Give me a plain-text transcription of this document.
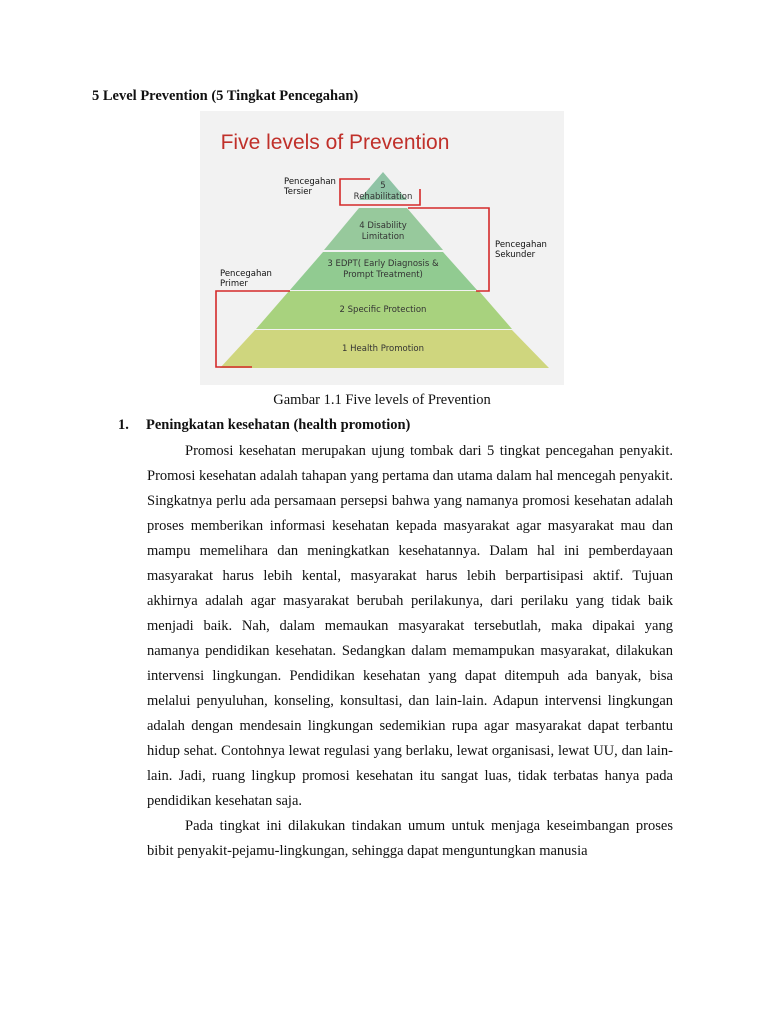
5 Level Prevention (5 Tingkat Pencegahan)
Five levels of Prevention
5
Rehabilitation
4 Disability
Limitation
3 EDPT( Early Diagnosis &
Prompt Treatment)
2 Specific Protection
1 Health Promotion
Pencegahan
Tersier
Pencegahan
Sekunder
Pencegahan
Primer
Gambar 1.1 Five levels of Prevention
1. Peningkatan kesehatan (health promotion)

Promosi kesehatan merupakan ujung tombak dari 5 tingkat pencegahan penyakit. Promosi kesehatan adalah tahapan yang pertama dan utama dalam hal mencegah penyakit. Singkatnya perlu ada persamaan persepsi bahwa yang namanya promosi kesehatan adalah proses memberikan informasi kesehatan kepada masyarakat agar masyarakat mau dan mampu memelihara dan meningkatkan kesehatannya. Dalam hal ini pemberdayaan masyarakat harus lebih kental, masyarakat harus lebih berpartisipasi aktif. Tujuan akhirnya adalah agar masyarakat berubah perilakunya, dari perilaku yang tidak baik menjadi baik. Nah, dalam memaukan masyarakat tersebutlah, maka dipakai yang namanya pendidikan kesehatan. Sedangkan dalam memampukan masyarakat, dilakukan intervensi lingkungan. Pendidikan kesehatan yang dapat ditempuh ada banyak, bisa melalui penyuluhan, konseling, konsultasi, dan lain-lain. Adapun intervensi lingkungan adalah dengan mendesain lingkungan sedemikian rupa agar masyarakat dapat terbantu hidup sehat. Contohnya lewat regulasi yang berlaku, lewat organisasi, lewat UU, dan lain-lain. Jadi, ruang lingkup promosi kesehatan itu sangat luas, tidak terbatas hanya pada pendidikan kesehatan saja.

Pada tingkat ini dilakukan tindakan umum untuk menjaga keseimbangan proses bibit penyakit-pejamu-lingkungan, sehingga dapat menguntungkan manusia
